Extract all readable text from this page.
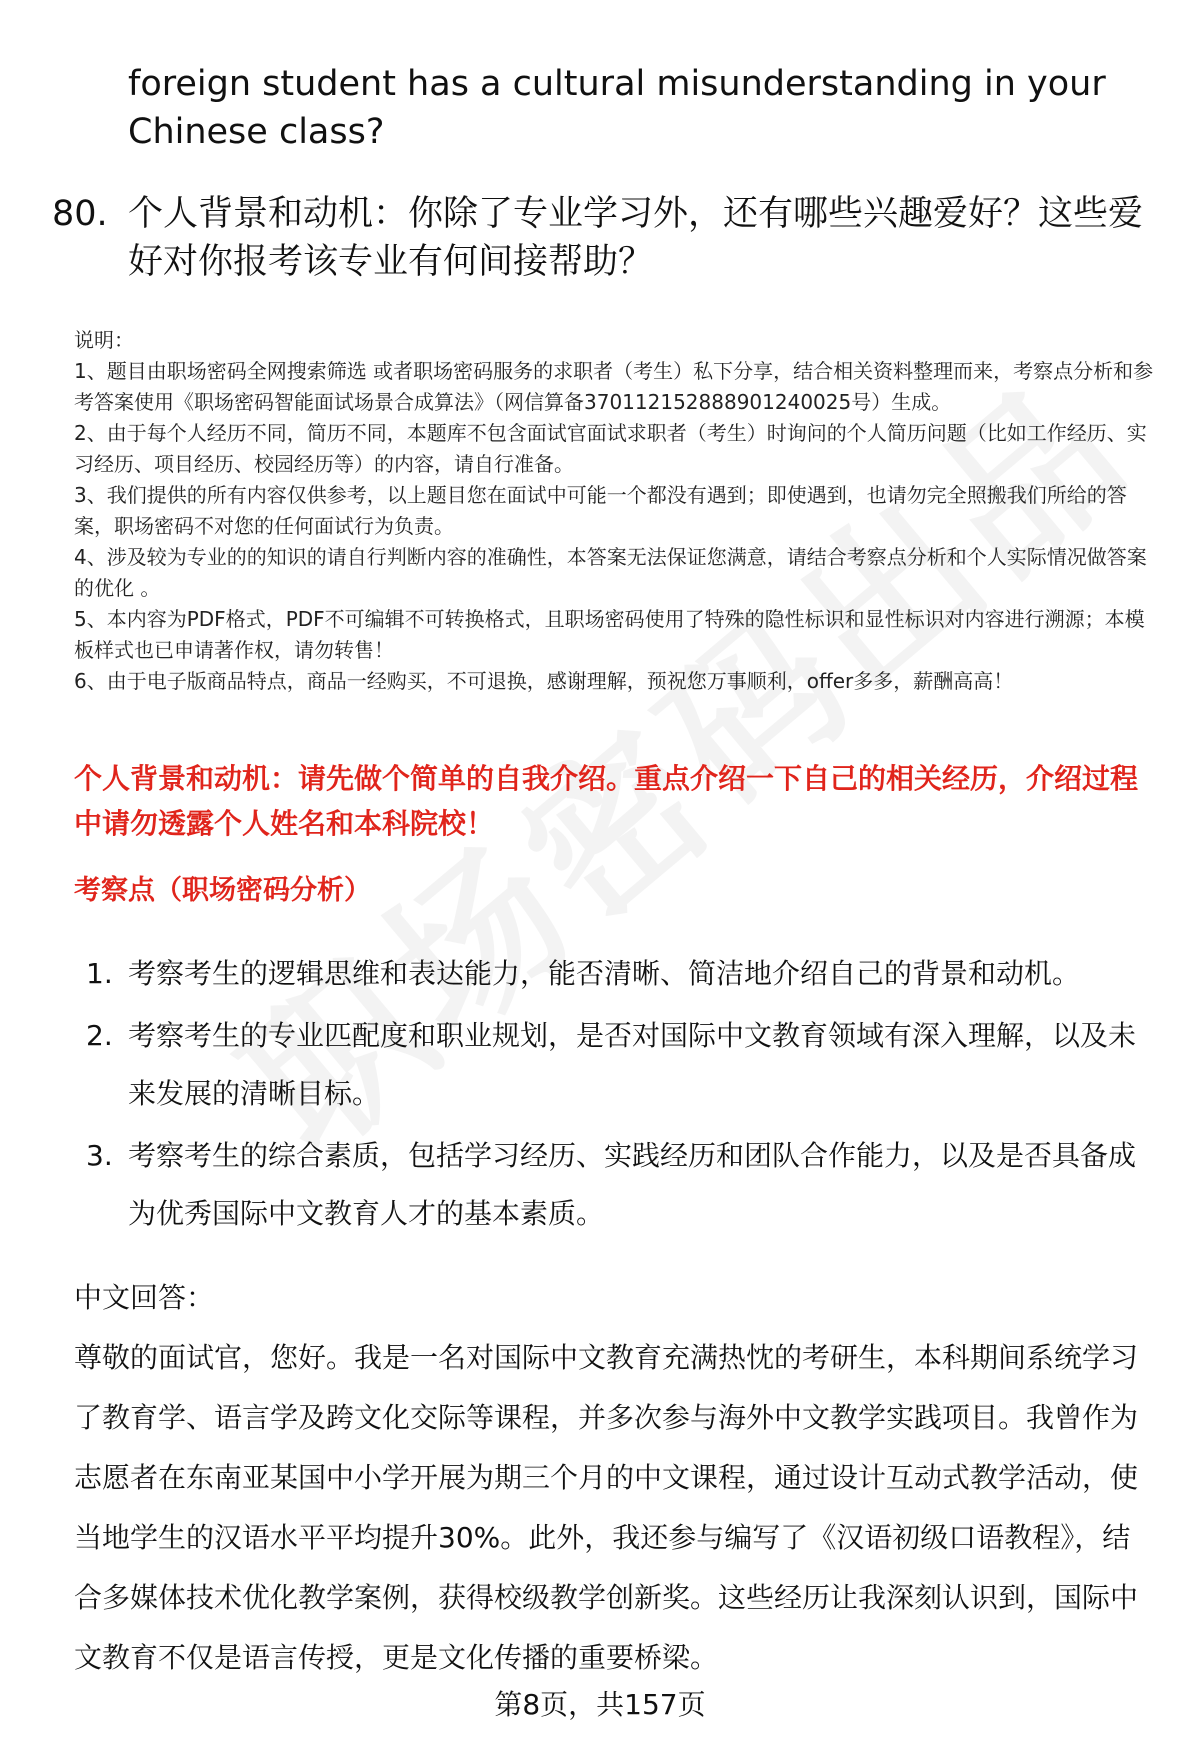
foreign student has a cultural misunderstanding in your Chinese class?
80. 个人背景和动机：你除了专业学习外，还有哪些兴趣爱好？这些爱好对你报考该专业有何间接帮助？

说明：

1、题目由职场密码全网搜索筛选 或者职场密码服务的求职者（考生）私下分享，结合相关资料整理而来，考察点分析和参考答案使用《职场密码智能面试场景合成算法》（网信算备370112152888901240025号）生成。

2、由于每个人经历不同，简历不同，本题库不包含面试官面试求职者（考生）时询问的个人简历问题（比如工作经历、实习经历、项目经历、校园经历等）的内容，请自行准备。

3、我们提供的所有内容仅供参考，以上题目您在面试中可能一个都没有遇到；即使遇到，也请勿完全照搬我们所给的答案，职场密码不对您的任何面试行为负责。

4、涉及较为专业的的知识的请自行判断内容的准确性，本答案无法保证您满意，请结合考察点分析和个人实际情况做答案的优化 。

5、本内容为PDF格式，PDF不可编辑不可转换格式，且职场密码使用了特殊的隐性标识和显性标识对内容进行溯源；本模板样式也已申请著作权，请勿转售！

6、由于电子版商品特点，商品一经购买，不可退换，感谢理解，预祝您万事顺利，offer多多，薪酬高高！

个人背景和动机：请先做个简单的自我介绍。重点介绍一下自己的相关经历，介绍过程中请勿透露个人姓名和本科院校！
考察点（职场密码分析）
1. 考察考生的逻辑思维和表达能力，能否清晰、简洁地介绍自己的背景和动机。
2. 考察考生的专业匹配度和职业规划，是否对国际中文教育领域有深入理解，以及未来发展的清晰目标。
3. 考察考生的综合素质，包括学习经历、实践经历和团队合作能力，以及是否具备成为优秀国际中文教育人才的基本素质。
中文回答：

尊敬的面试官，您好。我是一名对国际中文教育充满热忱的考研生，本科期间系统学习了教育学、语言学及跨文化交际等课程，并多次参与海外中文教学实践项目。我曾作为志愿者在东南亚某国中小学开展为期三个月的中文课程，通过设计互动式教学活动，使当地学生的汉语水平平均提升30%。此外，我还参与编写了《汉语初级口语教程》，结合多媒体技术优化教学案例，获得校级教学创新奖。这些经历让我深刻认识到，国际中文教育不仅是语言传授，更是文化传播的重要桥梁。

第8页，共157页
